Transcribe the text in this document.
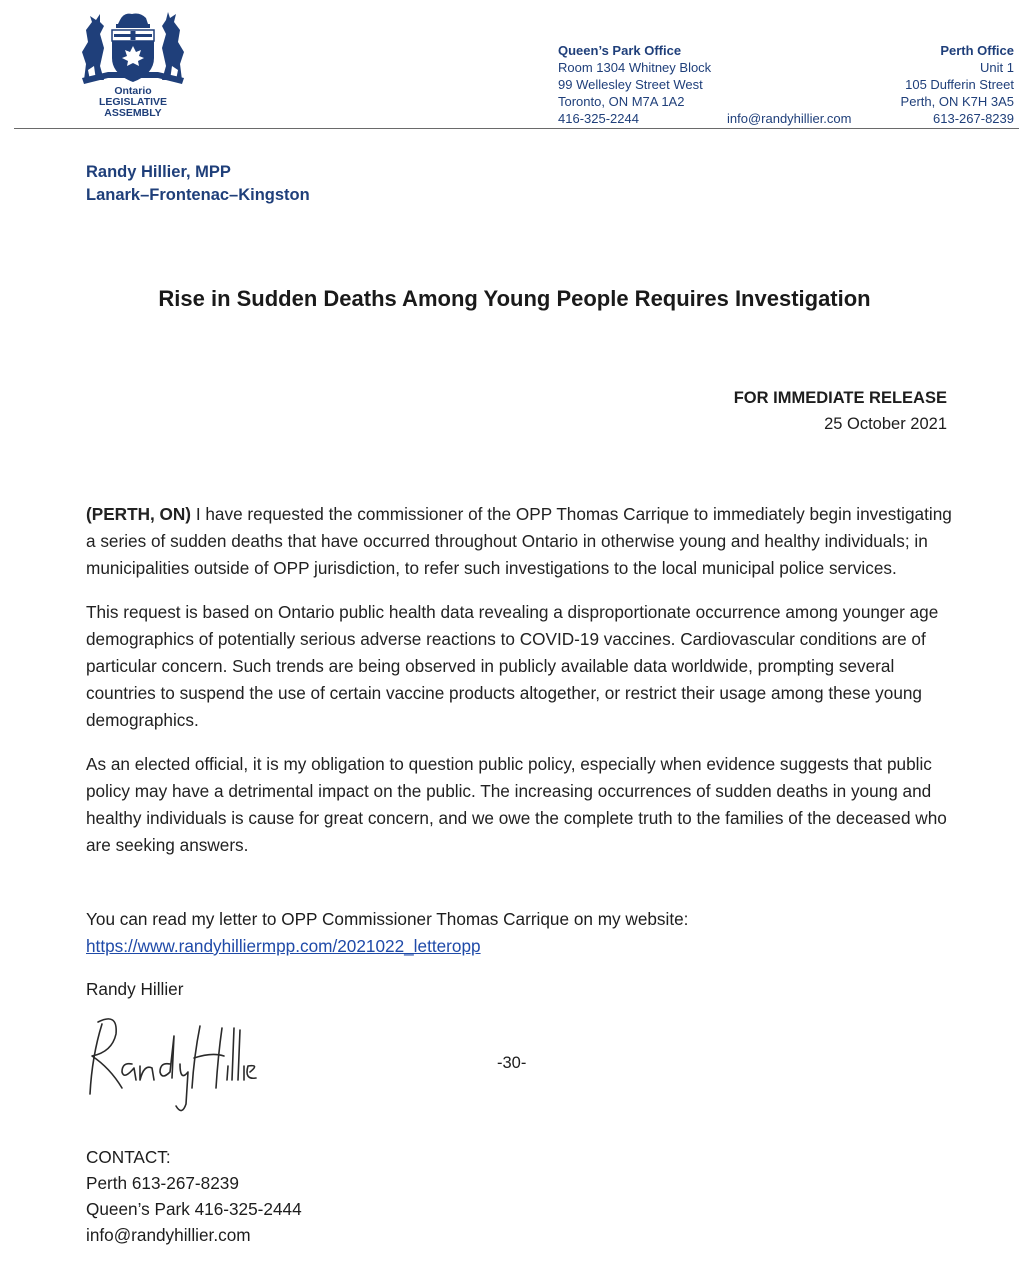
Ontario
LEGISLATIVE
ASSEMBLY
Queen’s Park Office
Room 1304 Whitney Block
99 Wellesley Street West
Toronto, ON M7A 1A2
416-325-2244	info@randyhillier.com
Perth Office
Unit 1
105 Dufferin Street
Perth, ON K7H 3A5
613-267-8239
Randy Hillier, MPP
Lanark–Frontenac–Kingston
Rise in Sudden Deaths Among Young People Requires Investigation
FOR IMMEDIATE RELEASE
25 October 2021

(PERTH, ON) I have requested the commissioner of the OPP Thomas Carrique to immediately begin investigating a series of sudden deaths that have occurred throughout Ontario in otherwise young and healthy individuals; in municipalities outside of OPP jurisdiction, to refer such investigations to the local municipal police services.

This request is based on Ontario public health data revealing a disproportionate occurrence among younger age demographics of potentially serious adverse reactions to COVID-19 vaccines. Cardiovascular conditions are of particular concern. Such trends are being observed in publicly available data worldwide, prompting several countries to suspend the use of certain vaccine products altogether, or restrict their usage among these young demographics.

As an elected official, it is my obligation to question public policy, especially when evidence suggests that public policy may have a detrimental impact on the public. The increasing occurrences of sudden deaths in young and healthy individuals is cause for great concern, and we owe the complete truth to the families of the deceased who are seeking answers.

You can read my letter to OPP Commissioner Thomas Carrique on my website:
https://www.randyhilliermpp.com/2021022_letteropp
Randy Hillier
-30-
CONTACT:
Perth 613-267-8239
Queen’s Park 416-325-2444
info@randyhillier.com
